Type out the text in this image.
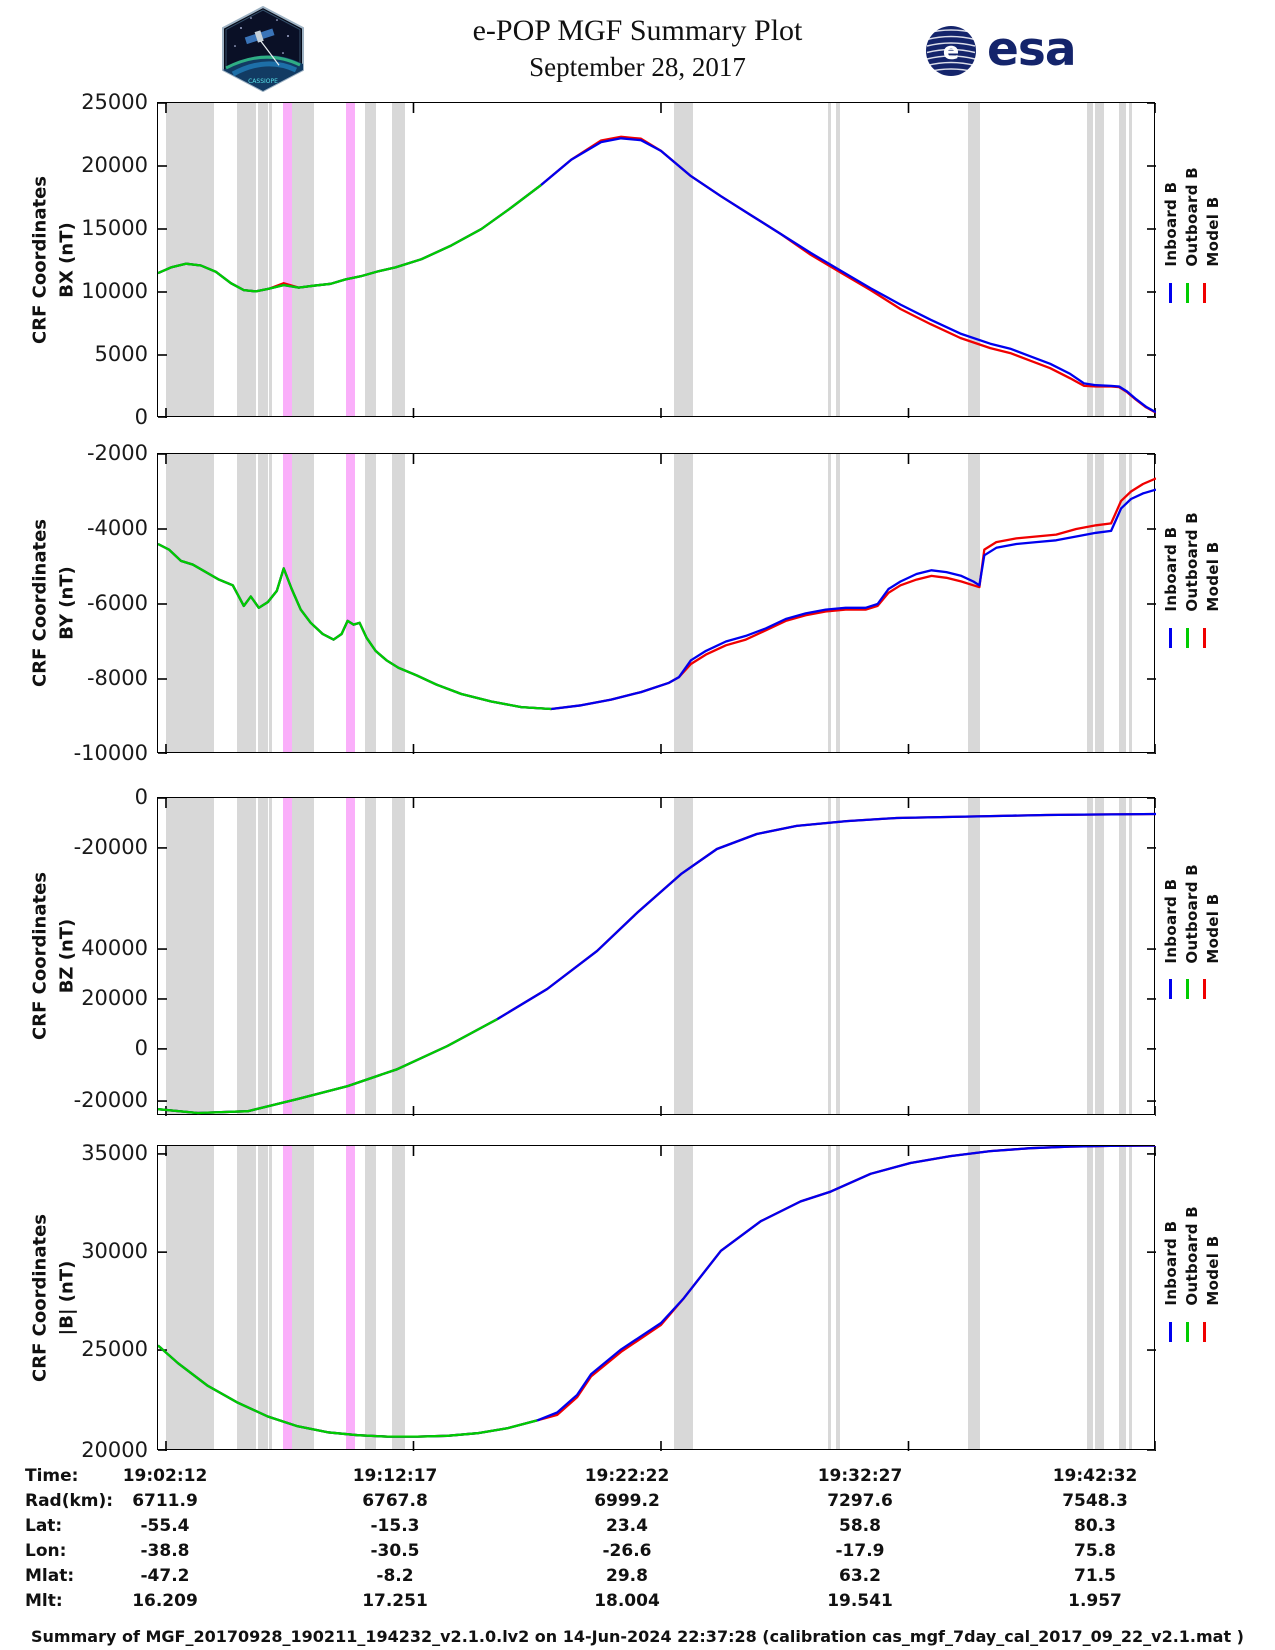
CASSIOPE
e-POP MGF Summary Plot
September 28, 2017
e esa
25000
20000
15000
10000
5000
0
CRF Coordinates BX (nT)	Inboard B Outboard B Model B
-2000
-4000
-6000
-8000
-10000
CRF Coordinates BY (nT)	Inboard B Outboard B Model B
0
-20000
40000
20000
0
-20000
CRF Coordinates BZ (nT)	Inboard B Outboard B Model B
35000
30000
25000
20000
CRF Coordinates |B| (nT)	Inboard B Outboard B Model B
Time:	19:02:12	19:12:17	19:22:22	19:32:27	19:42:32
Rad(km):	6711.9	6767.8	6999.2	7297.6	7548.3
Lat:	-55.4	-15.3	23.4	58.8	80.3
Lon:	-38.8	-30.5	-26.6	-17.9	75.8
Mlat:	-47.2	-8.2	29.8	63.2	71.5
Mlt:	16.209	17.251	18.004	19.541	1.957
Summary of MGF_20170928_190211_194232_v2.1.0.lv2 on 14-Jun-2024 22:37:28 (calibration cas_mgf_7day_cal_2017_09_22_v2.1.mat )
